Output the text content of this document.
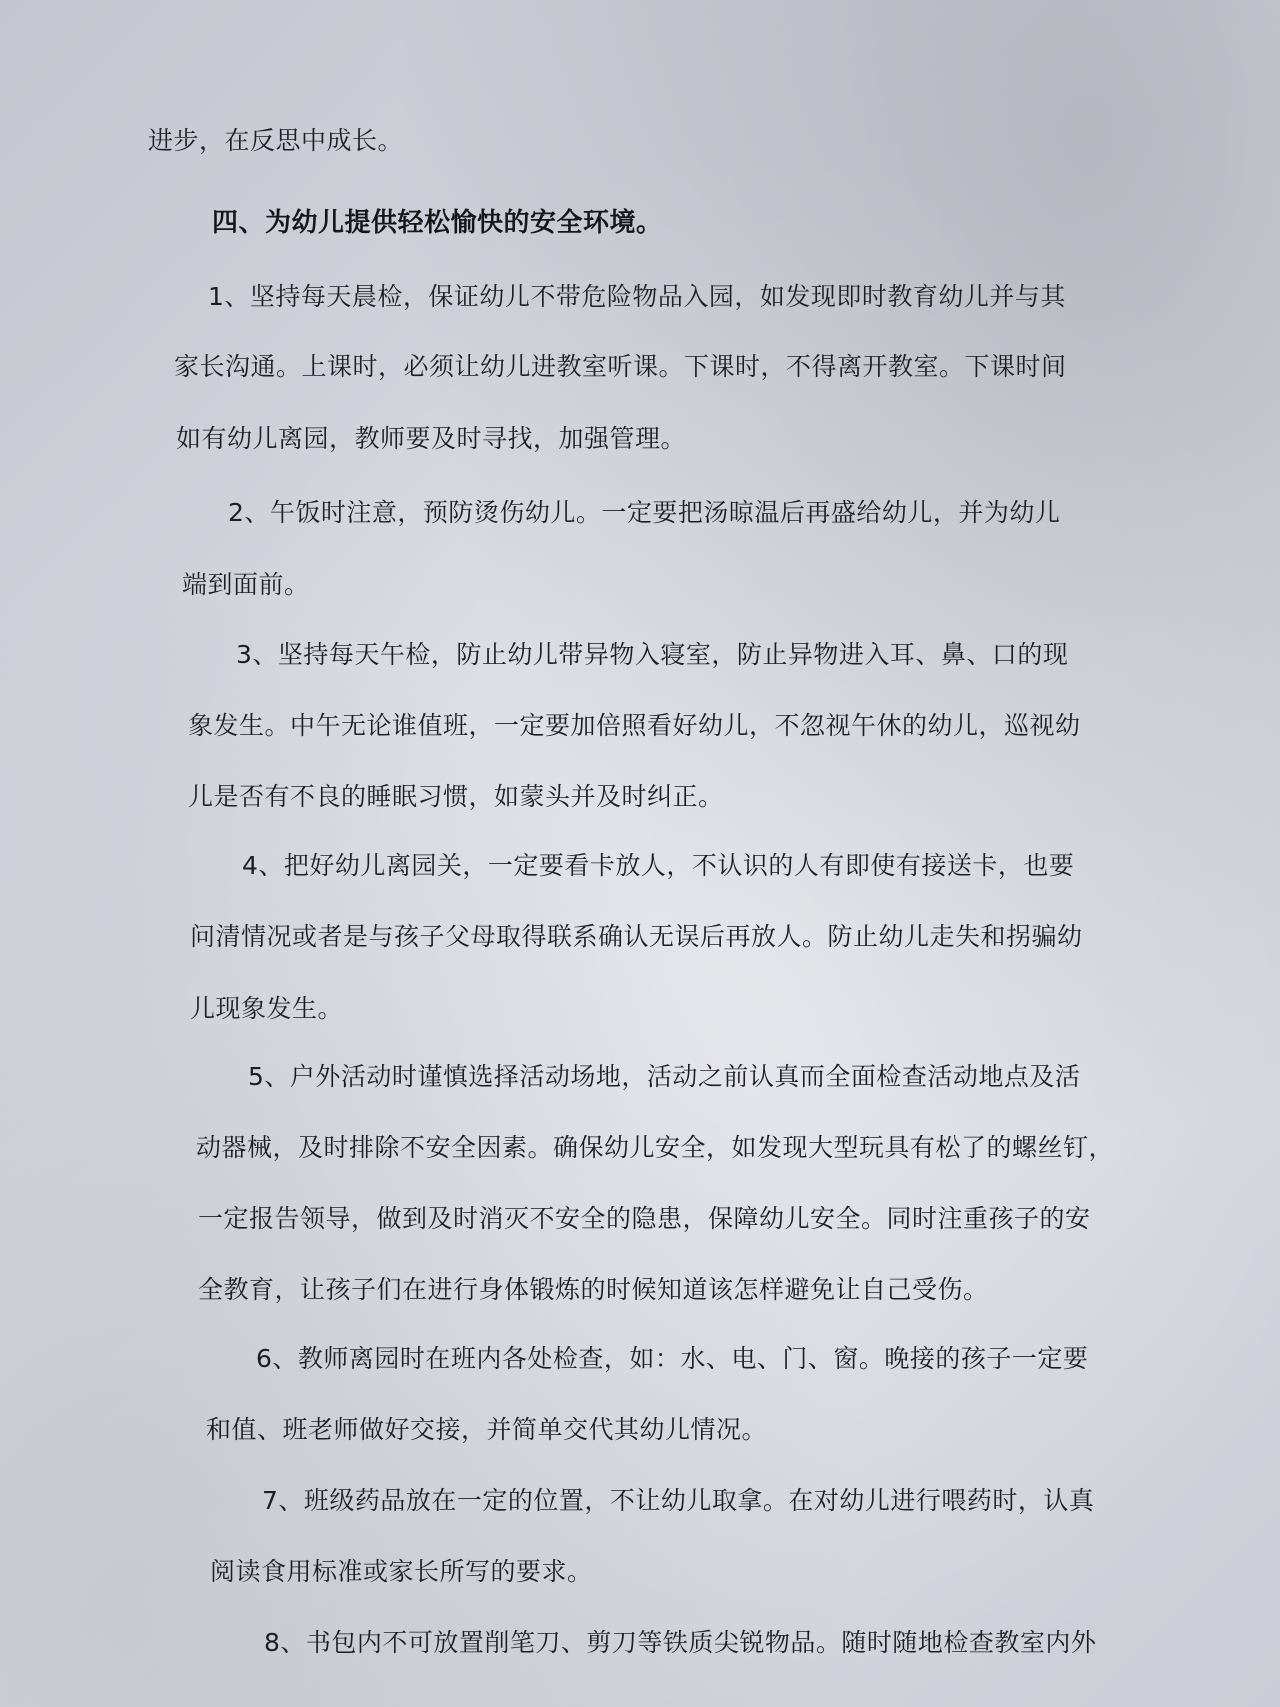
进步，在反思中成长。

四、为幼儿提供轻松愉快的安全环境。

1、坚持每天晨检，保证幼儿不带危险物品入园，如发现即时教育幼儿并与其

家长沟通。上课时，必须让幼儿进教室听课。下课时，不得离开教室。下课时间

如有幼儿离园，教师要及时寻找，加强管理。

2、午饭时注意，预防烫伤幼儿。一定要把汤晾温后再盛给幼儿，并为幼儿

端到面前。

3、坚持每天午检，防止幼儿带异物入寝室，防止异物进入耳、鼻、口的现

象发生。中午无论谁值班，一定要加倍照看好幼儿，不忽视午休的幼儿，巡视幼

儿是否有不良的睡眠习惯，如蒙头并及时纠正。

4、把好幼儿离园关，一定要看卡放人，不认识的人有即使有接送卡，也要

问清情况或者是与孩子父母取得联系确认无误后再放人。防止幼儿走失和拐骗幼

儿现象发生。

5、户外活动时谨慎选择活动场地，活动之前认真而全面检查活动地点及活

动器械，及时排除不安全因素。确保幼儿安全，如发现大型玩具有松了的螺丝钉，

一定报告领导，做到及时消灭不安全的隐患，保障幼儿安全。同时注重孩子的安

全教育，让孩子们在进行身体锻炼的时候知道该怎样避免让自己受伤。

6、教师离园时在班内各处检查，如：水、电、门、窗。晚接的孩子一定要

和值、班老师做好交接，并简单交代其幼儿情况。

7、班级药品放在一定的位置，不让幼儿取拿。在对幼儿进行喂药时，认真

阅读食用标准或家长所写的要求。

8、书包内不可放置削笔刀、剪刀等铁质尖锐物品。随时随地检查教室内外
